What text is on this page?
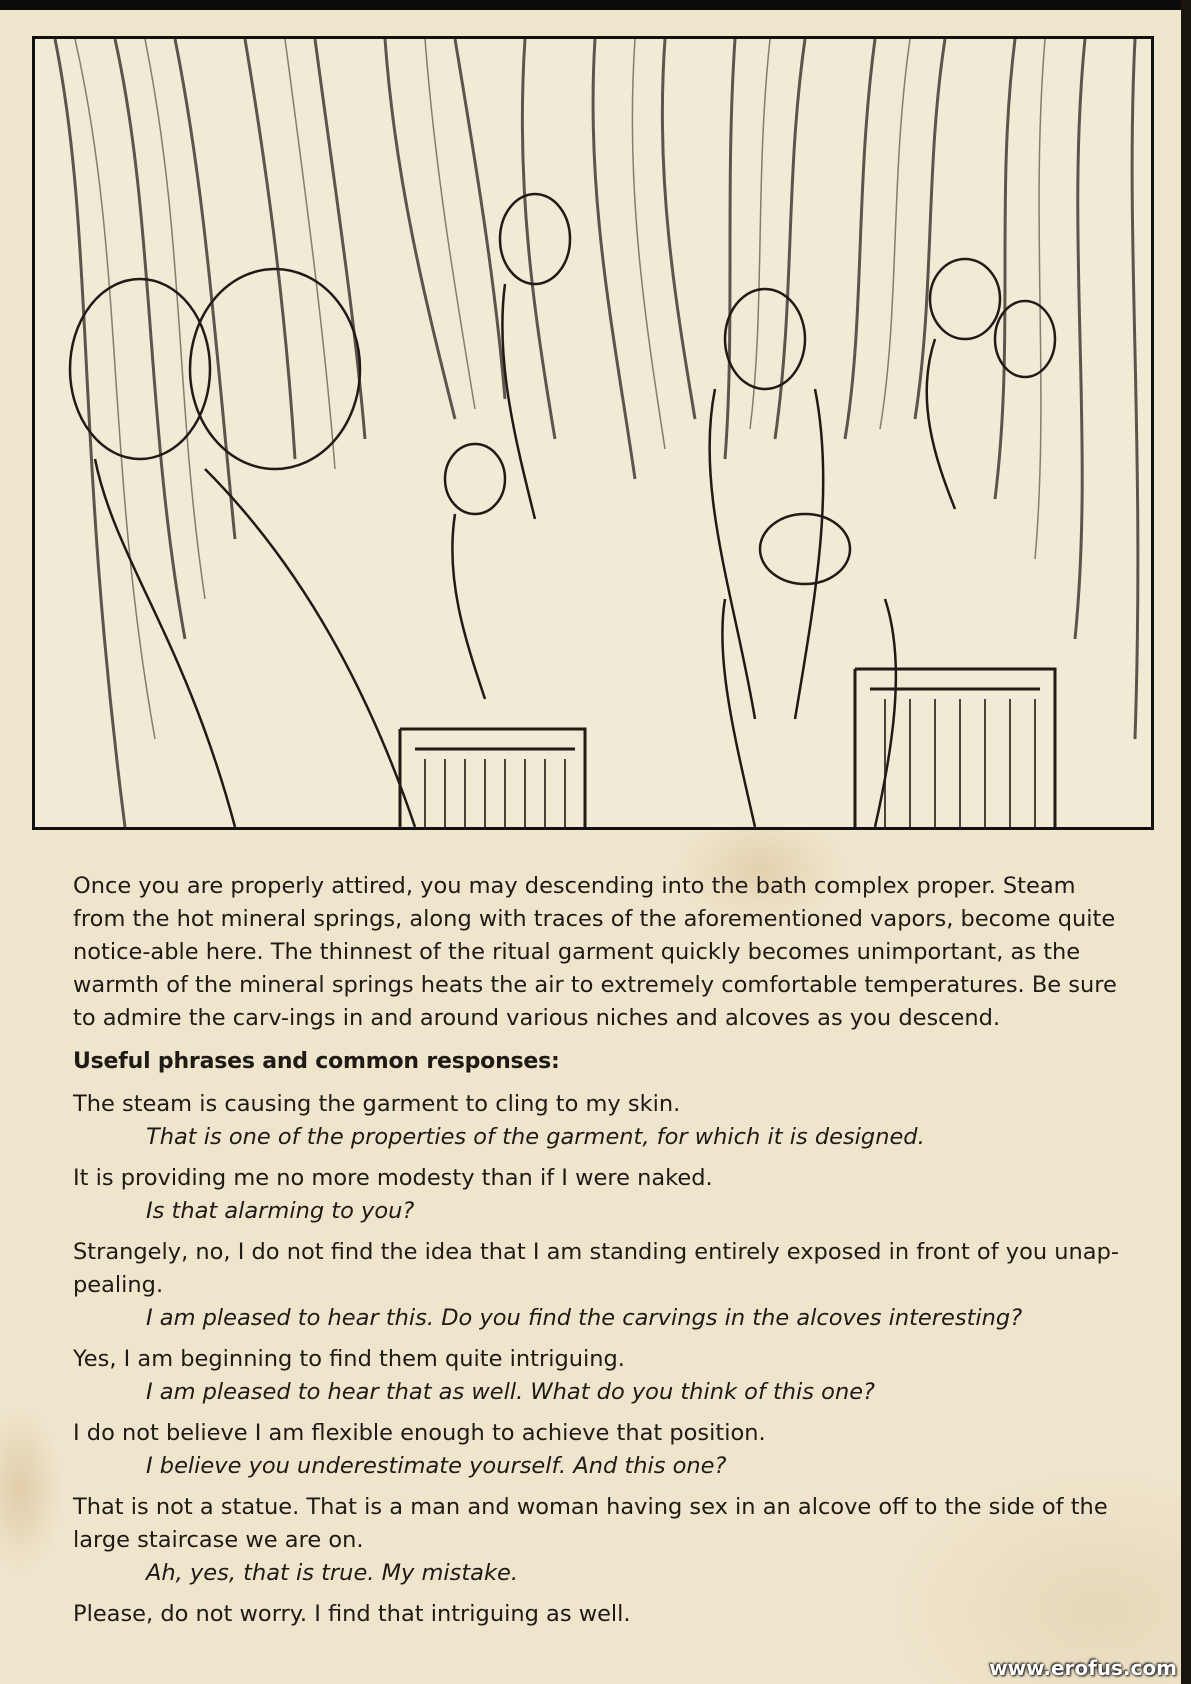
Once you are properly attired, you may descending into the bath complex proper. Steam from the hot mineral springs, along with traces of the aforementioned vapors, become quite notice-able here. The thinnest of the ritual garment quickly becomes unimportant, as the warmth of the mineral springs heats the air to extremely comfortable temperatures. Be sure to admire the carv-ings in and around various niches and alcoves as you descend.

Useful phrases and common responses:

The steam is causing the garment to cling to my skin.
That is one of the properties of the garment, for which it is designed.
It is providing me no more modesty than if I were naked.
Is that alarming to you?
Strangely, no, I do not find the idea that I am standing entirely exposed in front of you unap-pealing.
I am pleased to hear this. Do you find the carvings in the alcoves interesting?
Yes, I am beginning to find them quite intriguing.
I am pleased to hear that as well. What do you think of this one?
I do not believe I am flexible enough to achieve that position.
I believe you underestimate yourself. And this one?
That is not a statue. That is a man and woman having sex in an alcove off to the side of the large staircase we are on.
Ah, yes, that is true. My mistake.
Please, do not worry. I find that intriguing as well.
www.erofus.com
